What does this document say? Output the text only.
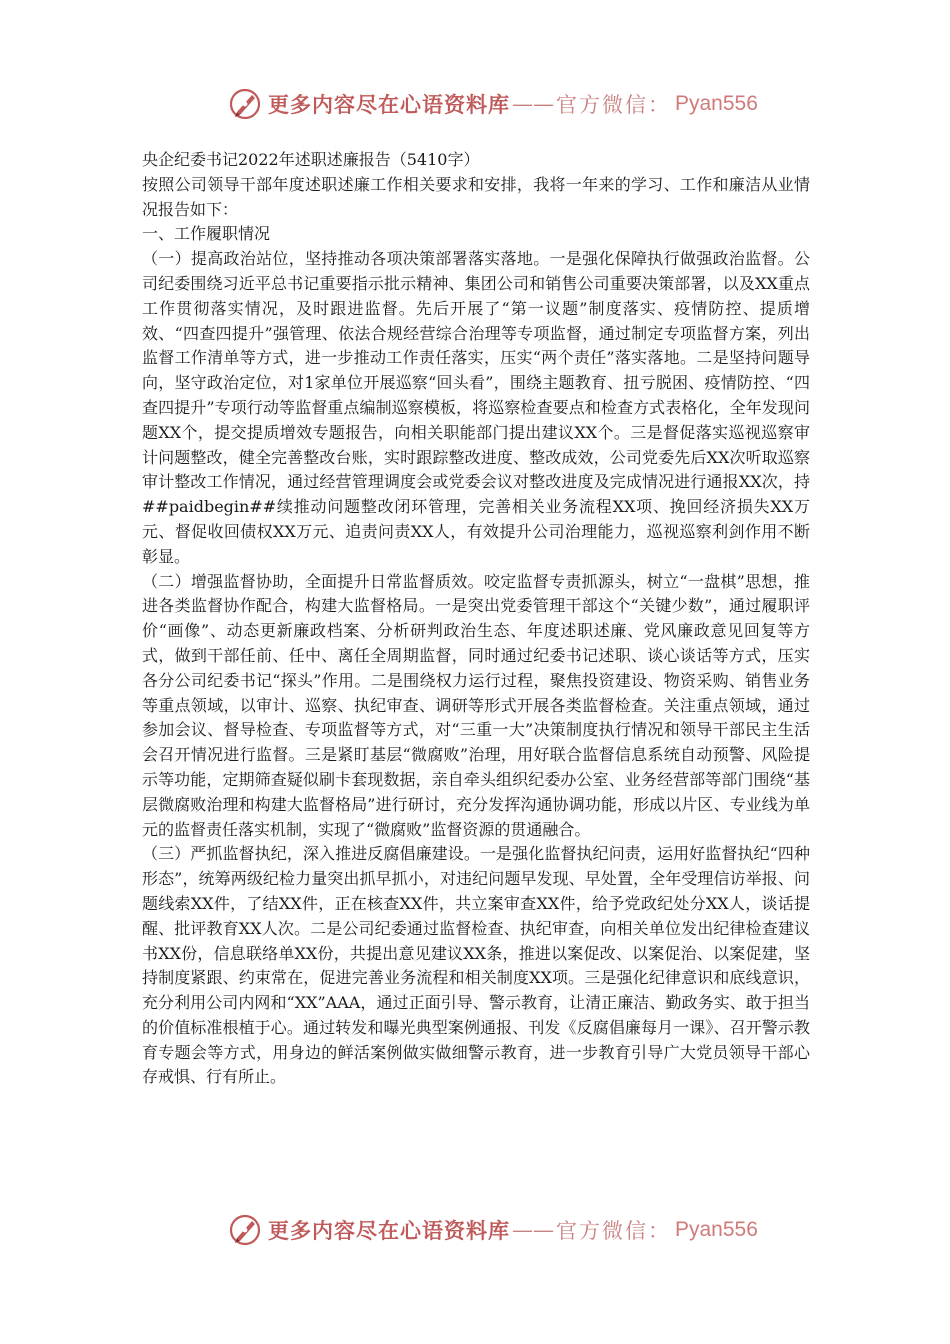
更多内容尽在心语资料库 —— 官方微信： Pyan556

央企纪委书记2022年述职述廉报告（5410字）

按照公司领导干部年度述职述廉工作相关要求和安排，我将一年来的学习、工作和廉洁从业情况报告如下：

一、工作履职情况

（一）提高政治站位，坚持推动各项决策部署落实落地。一是强化保障执行做强政治监督。公司纪委围绕习近平总书记重要指示批示精神、集团公司和销售公司重要决策部署，以及XX重点工作贯彻落实情况，及时跟进监督。先后开展了“第一议题”制度落实、疫情防控、提质增效、“四查四提升”强管理、依法合规经营综合治理等专项监督，通过制定专项监督方案，列出监督工作清单等方式，进一步推动工作责任落实，压实“两个责任”落实落地。二是坚持问题导向，坚守政治定位，对1家单位开展巡察“回头看”，围绕主题教育、扭亏脱困、疫情防控、“四查四提升”专项行动等监督重点编制巡察模板，将巡察检查要点和检查方式表格化，全年发现问题XX个，提交提质增效专题报告，向相关职能部门提出建议XX个。三是督促落实巡视巡察审计问题整改，健全完善整改台账，实时跟踪整改进度、整改成效，公司党委先后XX次听取巡察审计整改工作情况，通过经营管理调度会或党委会议对整改进度及完成情况进行通报XX次，持##paidbegin##续推动问题整改闭环管理，完善相关业务流程XX项、挽回经济损失XX万元、督促收回债权XX万元、追责问责XX人，有效提升公司治理能力，巡视巡察利剑作用不断彰显。

（二）增强监督协助，全面提升日常监督质效。咬定监督专责抓源头，树立“一盘棋”思想，推进各类监督协作配合，构建大监督格局。一是突出党委管理干部这个“关键少数”，通过履职评价“画像”、动态更新廉政档案、分析研判政治生态、年度述职述廉、党风廉政意见回复等方式，做到干部任前、任中、离任全周期监督，同时通过纪委书记述职、谈心谈话等方式，压实各分公司纪委书记“探头”作用。二是围绕权力运行过程，聚焦投资建设、物资采购、销售业务等重点领域，以审计、巡察、执纪审查、调研等形式开展各类监督检查。关注重点领域，通过参加会议、督导检查、专项监督等方式，对“三重一大”决策制度执行情况和领导干部民主生活会召开情况进行监督。三是紧盯基层“微腐败”治理，用好联合监督信息系统自动预警、风险提示等功能，定期筛查疑似刷卡套现数据，亲自牵头组织纪委办公室、业务经营部等部门围绕“基层微腐败治理和构建大监督格局”进行研讨，充分发挥沟通协调功能，形成以片区、专业线为单元的监督责任落实机制，实现了“微腐败”监督资源的贯通融合。

（三）严抓监督执纪，深入推进反腐倡廉建设。一是强化监督执纪问责，运用好监督执纪“四种形态”，统筹两级纪检力量突出抓早抓小，对违纪问题早发现、早处置，全年受理信访举报、问题线索XX件，了结XX件，正在核查XX件，共立案审查XX件，给予党政纪处分XX人，谈话提醒、批评教育XX人次。二是公司纪委通过监督检查、执纪审查，向相关单位发出纪律检查建议书XX份，信息联络单XX份，共提出意见建议XX条，推进以案促改、以案促治、以案促建，坚持制度紧跟、约束常在，促进完善业务流程和相关制度XX项。三是强化纪律意识和底线意识，充分利用公司内网和“XX”AAA，通过正面引导、警示教育，让清正廉洁、勤政务实、敢于担当的价值标准根植于心。通过转发和曝光典型案例通报、刊发《反腐倡廉每月一课》、召开警示教育专题会等方式，用身边的鲜活案例做实做细警示教育，进一步教育引导广大党员领导干部心存戒惧、行有所止。

更多内容尽在心语资料库 —— 官方微信： Pyan556
